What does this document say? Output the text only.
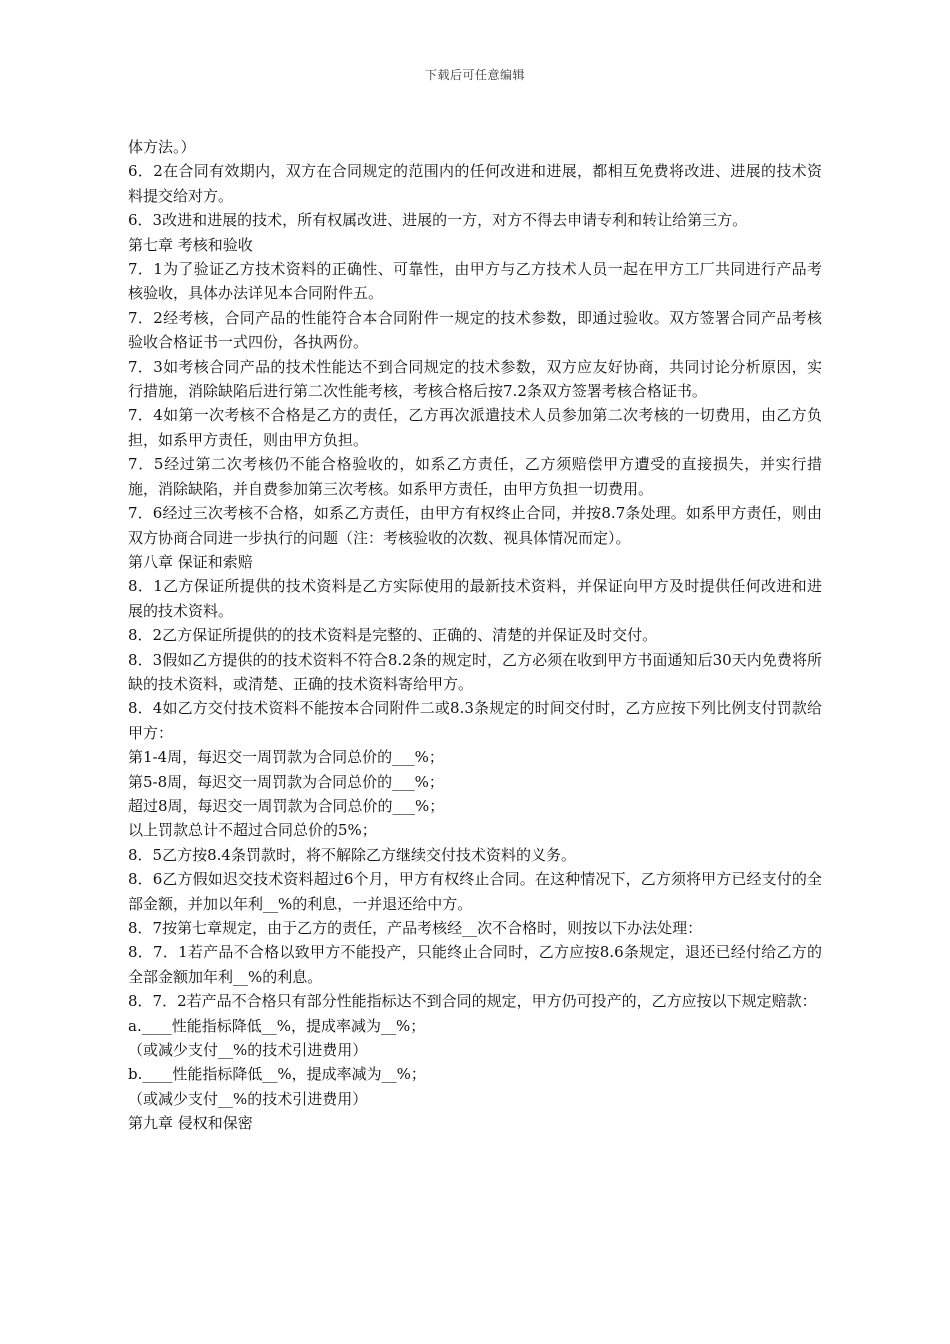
下载后可任意编辑

体方法。）

6．2在合同有效期内，双方在合同规定的范围内的任何改进和进展，都相互免费将改进、进展的技术资料提交给对方。

6．3改进和进展的技术，所有权属改进、进展的一方，对方不得去申请专利和转让给第三方。

第七章 考核和验收

7．1为了验证乙方技术资料的正确性、可靠性，由甲方与乙方技术人员一起在甲方工厂共同进行产品考核验收，具体办法详见本合同附件五。

7．2经考核，合同产品的性能符合本合同附件一规定的技术参数，即通过验收。双方签署合同产品考核验收合格证书一式四份，各执两份。

7．3如考核合同产品的技术性能达不到合同规定的技术参数，双方应友好协商，共同讨论分析原因，实行措施，消除缺陷后进行第二次性能考核，考核合格后按7.2条双方签署考核合格证书。

7．4如第一次考核不合格是乙方的责任，乙方再次派遣技术人员参加第二次考核的一切费用，由乙方负担，如系甲方责任，则由甲方负担。

7．5经过第二次考核仍不能合格验收的，如系乙方责任，乙方须赔偿甲方遭受的直接损失，并实行措施，消除缺陷，并自费参加第三次考核。如系甲方责任，由甲方负担一切费用。

7．6经过三次考核不合格，如系乙方责任，由甲方有权终止合同，并按8.7条处理。如系甲方责任，则由双方协商合同进一步执行的问题（注：考核验收的次数、视具体情况而定）。

第八章 保证和索赔

8．1乙方保证所提供的技术资料是乙方实际使用的最新技术资料，并保证向甲方及时提供任何改进和进展的技术资料。

8．2乙方保证所提供的的技术资料是完整的、正确的、清楚的并保证及时交付。

8．3假如乙方提供的的技术资料不符合8.2条的规定时，乙方必须在收到甲方书面通知后30天内免费将所缺的技术资料，或清楚、正确的技术资料寄给甲方。

8．4如乙方交付技术资料不能按本合同附件二或8.3条规定的时间交付时，乙方应按下列比例支付罚款给甲方：

第1-4周，每迟交一周罚款为合同总价的___%；

第5-8周，每迟交一周罚款为合同总价的___%；

超过8周，每迟交一周罚款为合同总价的___%；

以上罚款总计不超过合同总价的5%；

8．5乙方按8.4条罚款时，将不解除乙方继续交付技术资料的义务。

8．6乙方假如迟交技术资料超过6个月，甲方有权终止合同。在这种情况下，乙方须将甲方已经支付的全部金额，并加以年利__%的利息，一并退还给中方。

8．7按第七章规定，由于乙方的责任，产品考核经__次不合格时，则按以下办法处理：

8．7．1若产品不合格以致甲方不能投产，只能终止合同时，乙方应按8.6条规定，退还已经付给乙方的全部金额加年利__%的利息。

8．7．2若产品不合格只有部分性能指标达不到合同的规定，甲方仍可投产的，乙方应按以下规定赔款：

a.____性能指标降低__%，提成率减为__%；

（或减少支付__%的技术引进费用）

b.____性能指标降低__%，提成率减为__%；

（或减少支付__%的技术引进费用）

第九章 侵权和保密
